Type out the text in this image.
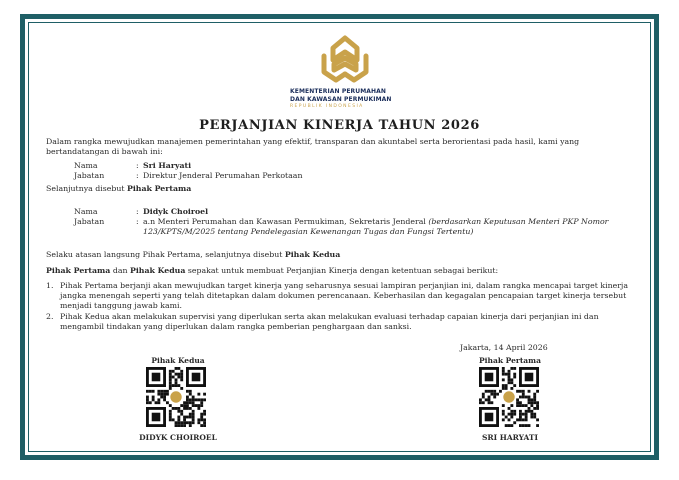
KEMENTERIAN PERUMAHAN
DAN KAWASAN PERMUKIMAN
REPUBLIK INDONESIA
PERJANJIAN KINERJA TAHUN 2026
Dalam rangka mewujudkan manajemen pemerintahan yang efektif, transparan dan akuntabel serta berorientasi pada hasil, kami yang bertandatangan di bawah ini:
Nama	: Sri Haryati
Jabatan	: Direktur Jenderal Perumahan Perkotaan
Selanjutnya disebut Pihak Pertama
Nama	: Didyk Choiroel
Jabatan	: a.n Menteri Perumahan dan Kawasan Permukiman, Sekretaris Jenderal (berdasarkan Keputusan Menteri PKP Nomor 123/KPTS/M/2025 tentang Pendelegasian Kewenangan Tugas dan Fungsi Tertentu)
Selaku atasan langsung Pihak Pertama, selanjutnya disebut Pihak Kedua
Pihak Pertama dan Pihak Kedua sepakat untuk membuat Perjanjian Kinerja dengan ketentuan sebagai berikut:
1. Pihak Pertama berjanji akan mewujudkan target kinerja yang seharusnya sesuai lampiran perjanjian ini, dalam rangka mencapai target kinerja jangka menengah seperti yang telah ditetapkan dalam dokumen perencanaan. Keberhasilan dan kegagalan pencapaian target kinerja tersebut menjadi tanggung jawab kami.
2. Pihak Kedua akan melakukan supervisi yang diperlukan serta akan melakukan evaluasi terhadap capaian kinerja dari perjanjian ini dan mengambil tindakan yang diperlukan dalam rangka pemberian penghargaan dan sanksi.
Jakarta, 14 April 2026
Pihak Kedua	Pihak Pertama
DIDYK CHOIROEL	SRI HARYATI
